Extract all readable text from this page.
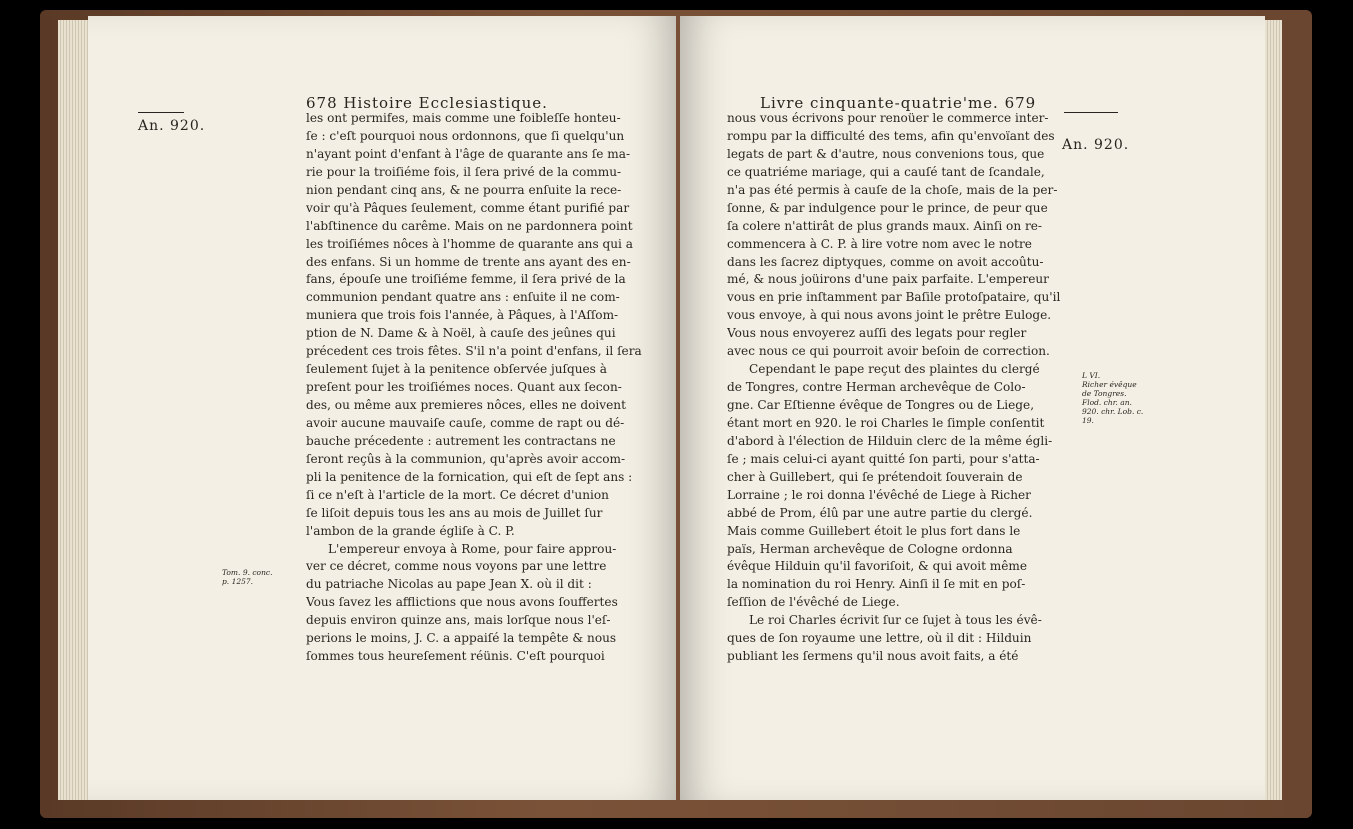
678 Histoire Ecclesiastique.
An. 920.
Tom. 9. conc.
p. 1257.
les ont permifes, mais comme une foibleſſe honteu-
ſe : c'eſt pourquoi nous ordonnons, que ſi quelqu'un
n'ayant point d'enfant à l'âge de quarante ans ſe ma-
rie pour la troiſiéme fois, il ſera privé de la commu-
nion pendant cinq ans, & ne pourra enſuite la rece-
voir qu'à Pâques ſeulement, comme étant purifié par
l'abſtinence du carême. Mais on ne pardonnera point
les troiſiémes nôces à l'homme de quarante ans qui a
des enfans. Si un homme de trente ans ayant des en-
fans, épouſe une troiſiéme femme, il ſera privé de la
communion pendant quatre ans : enſuite il ne com-
muniera que trois fois l'année, à Pâques, à l'Aſſom-
ption de N. Dame & à Noël, à cauſe des jeûnes qui
précedent ces trois fêtes. S'il n'a point d'enfans, il ſera
ſeulement ſujet à la penitence obſervée juſques à
preſent pour les troiſiémes noces. Quant aux ſecon-
des, ou même aux premieres nôces, elles ne doivent
avoir aucune mauvaiſe cauſe, comme de rapt ou dé-
bauche précedente : autrement les contractans ne
ſeront reçûs à la communion, qu'après avoir accom-
pli la penitence de la fornication, qui eſt de ſept ans :
ſi ce n'eſt à l'article de la mort. Ce décret d'union
ſe liſoit depuis tous les ans au mois de Juillet ſur
l'ambon de la grande égliſe à C. P.
L'empereur envoya à Rome, pour faire approu-
ver ce décret, comme nous voyons par une lettre
du patriache Nicolas au pape Jean X. où il dit :
Vous ſavez les afflictions que nous avons ſouffertes
depuis environ quinze ans, mais lorſque nous l'eſ-
perions le moins, J. C. a appaiſé la tempête & nous
ſommes tous heureſement réünis. C'eſt pourquoi
Livre cinquante-quatrie'me. 679
An. 920.
L VI.
Richer évêque
de Tongres.
Flod. chr. an.
920. chr. Lob. c.
19.
nous vous écrivons pour renoüer le commerce inter-
rompu par la difficulté des tems, afin qu'envoïant des
legats de part & d'autre, nous convenions tous, que
ce quatriéme mariage, qui a cauſé tant de ſcandale,
n'a pas été permis à cauſe de la choſe, mais de la per-
ſonne, & par indulgence pour le prince, de peur que
ſa colere n'attirât de plus grands maux. Ainſi on re-
commencera à C. P. à lire votre nom avec le notre
dans les ſacrez diptyques, comme on avoit accoûtu-
mé, & nous joüirons d'une paix parfaite. L'empereur
vous en prie inſtamment par Baſile protoſpataire, qu'il
vous envoye, à qui nous avons joint le prêtre Euloge.
Vous nous envoyerez auſſi des legats pour regler
avec nous ce qui pourroit avoir beſoin de correction.
Cependant le pape reçut des plaintes du clergé
de Tongres, contre Herman archevêque de Colo-
gne. Car Eſtienne évêque de Tongres ou de Liege,
étant mort en 920. le roi Charles le ſimple conſentit
d'abord à l'élection de Hilduin clerc de la même égli-
ſe ; mais celui-ci ayant quitté ſon parti, pour s'atta-
cher à Guillebert, qui ſe prétendoit ſouverain de
Lorraine ; le roi donna l'évêché de Liege à Richer
abbé de Prom, élû par une autre partie du clergé.
Mais comme Guillebert étoit le plus fort dans le
païs, Herman archevêque de Cologne ordonna
évêque Hilduin qu'il favoriſoit, & qui avoit même
la nomination du roi Henry. Ainſi il ſe mit en poſ-
ſeſſion de l'évêché de Liege.
Le roi Charles écrivit ſur ce ſujet à tous les évê-
ques de ſon royaume une lettre, où il dit : Hilduin
publiant les ſermens qu'il nous avoit faits, a été
